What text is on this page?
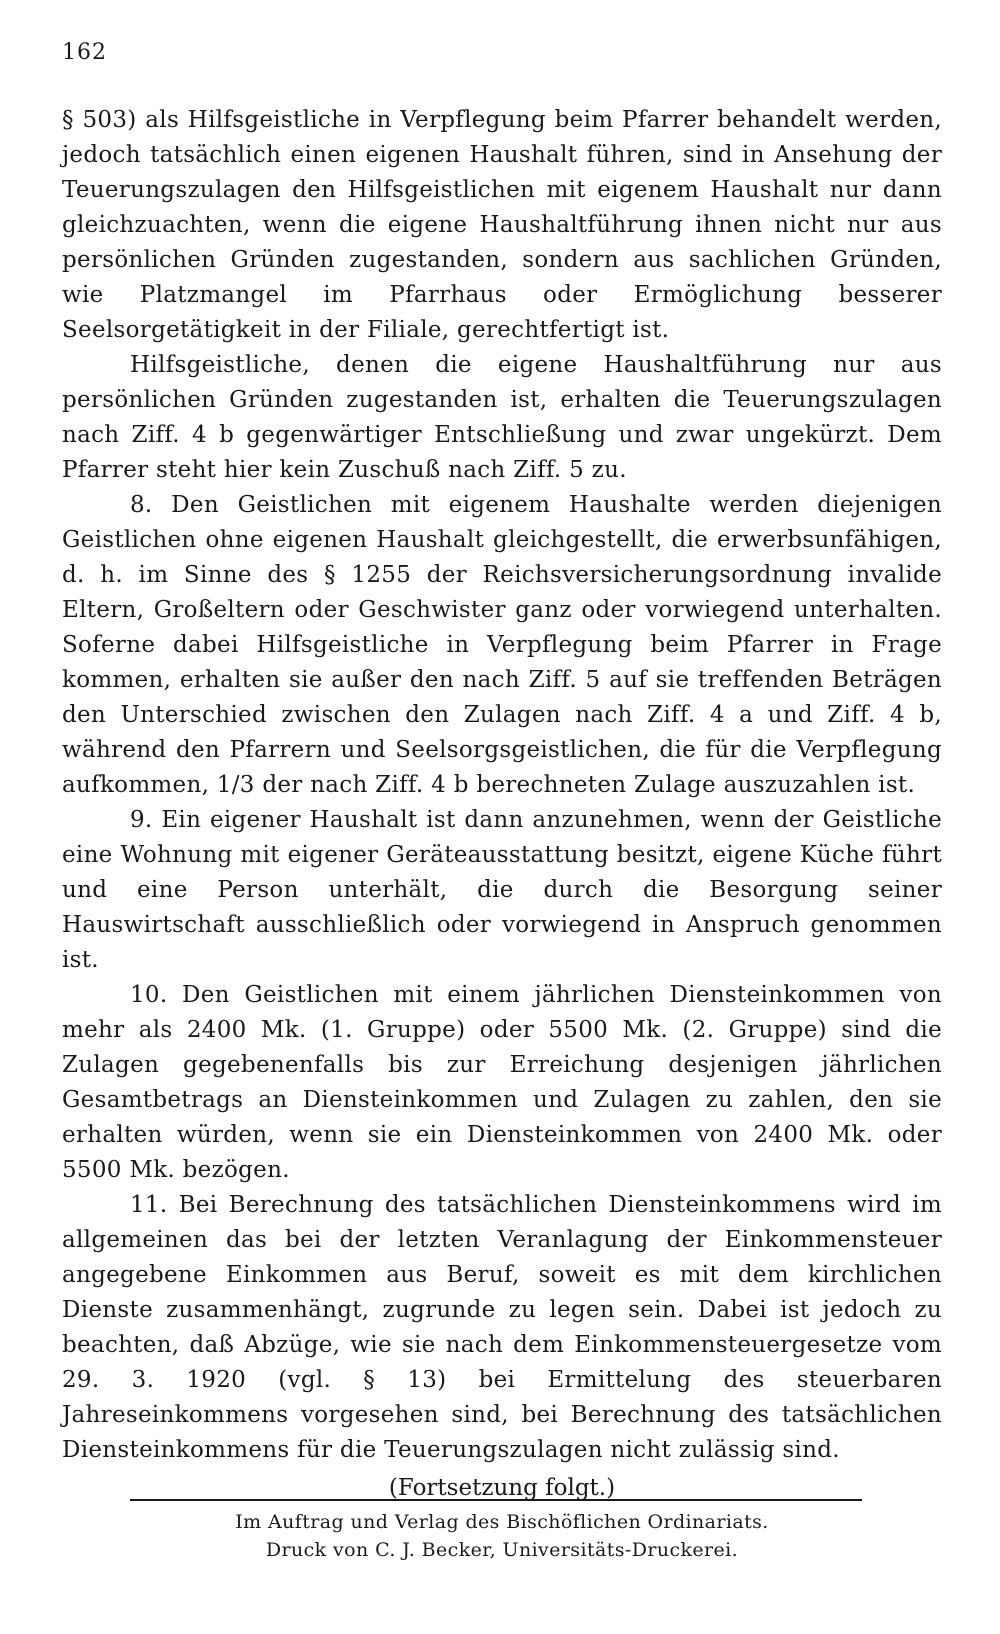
162

§ 503) als Hilfsgeistliche in Verpflegung beim Pfarrer behandelt werden, jedoch tatsächlich einen eigenen Haushalt führen, sind in Ansehung der Teuerungszulagen den Hilfsgeistlichen mit eigenem Haushalt nur dann gleichzuachten, wenn die eigene Haushaltführung ihnen nicht nur aus persönlichen Gründen zugestanden, sondern aus sachlichen Gründen, wie Platzmangel im Pfarrhaus oder Ermöglichung besserer Seelsorgetätigkeit in der Filiale, gerechtfertigt ist.

Hilfsgeistliche, denen die eigene Haushaltführung nur aus persönlichen Gründen zugestanden ist, erhalten die Teuerungszulagen nach Ziff. 4 b gegenwärtiger Entschließung und zwar ungekürzt. Dem Pfarrer steht hier kein Zuschuß nach Ziff. 5 zu.

8. Den Geistlichen mit eigenem Haushalte werden diejenigen Geistlichen ohne eigenen Haushalt gleichgestellt, die erwerbsunfähigen, d. h. im Sinne des § 1255 der Reichsversicherungsordnung invalide Eltern, Großeltern oder Geschwister ganz oder vorwiegend unterhalten. Soferne dabei Hilfsgeistliche in Verpflegung beim Pfarrer in Frage kommen, erhalten sie außer den nach Ziff. 5 auf sie treffenden Beträgen den Unterschied zwischen den Zulagen nach Ziff. 4 a und Ziff. 4 b, während den Pfarrern und Seelsorgsgeistlichen, die für die Verpflegung aufkommen, 1/3 der nach Ziff. 4 b berechneten Zulage auszuzahlen ist.

9. Ein eigener Haushalt ist dann anzunehmen, wenn der Geistliche eine Wohnung mit eigener Geräteausstattung besitzt, eigene Küche führt und eine Person unterhält, die durch die Besorgung seiner Hauswirtschaft ausschließlich oder vorwiegend in Anspruch genommen ist.

10. Den Geistlichen mit einem jährlichen Diensteinkommen von mehr als 2400 Mk. (1. Gruppe) oder 5500 Mk. (2. Gruppe) sind die Zulagen gegebenenfalls bis zur Erreichung desjenigen jährlichen Gesamtbetrags an Diensteinkommen und Zulagen zu zahlen, den sie erhalten würden, wenn sie ein Diensteinkommen von 2400 Mk. oder 5500 Mk. bezögen.

11. Bei Berechnung des tatsächlichen Diensteinkommens wird im allgemeinen das bei der letzten Veranlagung der Einkommensteuer angegebene Einkommen aus Beruf, soweit es mit dem kirchlichen Dienste zusammenhängt, zugrunde zu legen sein. Dabei ist jedoch zu beachten, daß Abzüge, wie sie nach dem Einkommensteuergesetze vom 29. 3. 1920 (vgl. § 13) bei Ermittelung des steuerbaren Jahreseinkommens vorgesehen sind, bei Berechnung des tatsächlichen Diensteinkommens für die Teuerungszulagen nicht zulässig sind.

(Fortsetzung folgt.)

Im Auftrag und Verlag des Bischöflichen Ordinariats.
Druck von C. J. Becker, Universitäts-Druckerei.
